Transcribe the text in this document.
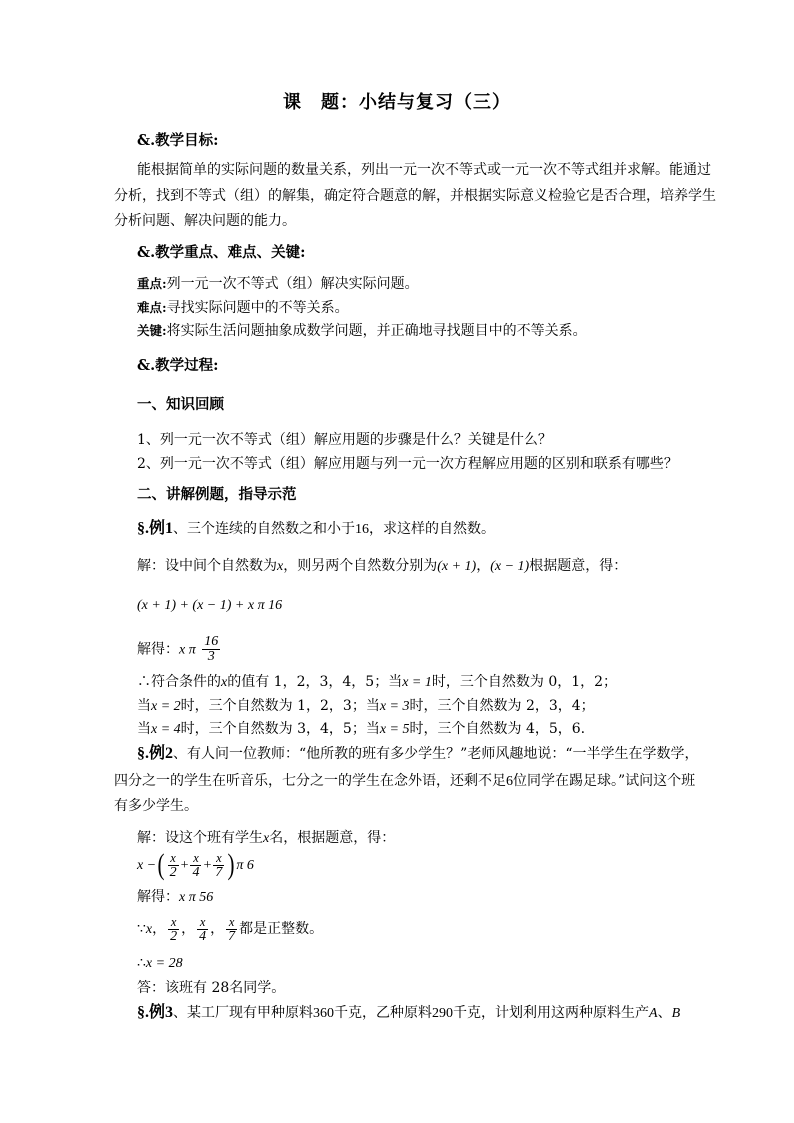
课　题：小结与复习（三）
&.教学目标:
能根据简单的实际问题的数量关系，列出一元一次不等式或一元一次不等式组并求解。能通过
分析，找到不等式（组）的解集，确定符合题意的解，并根据实际意义检验它是否合理，培养学生
分析问题、解决问题的能力。
&.教学重点、难点、关键:
重点:列一元一次不等式（组）解决实际问题。
难点:寻找实际问题中的不等关系。
关键:将实际生活问题抽象成数学问题，并正确地寻找题目中的不等关系。
&.教学过程:
一、知识回顾
1、列一元一次不等式（组）解应用题的步骤是什么？关键是什么？
2、列一元一次不等式（组）解应用题与列一元一次方程解应用题的区别和联系有哪些？
二、讲解例题，指导示范
§.例1、三个连续的自然数之和小于16，求这样的自然数。
解：设中间个自然数为x，则另两个自然数分别为(x + 1)，(x − 1)根据题意，得：
(x + 1) + (x − 1) + x π 16
解得：x π $\frac{16}{3}$
∴符合条件的x的值有 1，2，3，4，5；当x = 1时，三个自然数为 0，1，2；
当x = 2时，三个自然数为 1，2，3；当x = 3时，三个自然数为 2，3，4；
当x = 4时，三个自然数为 3，4，5；当x = 5时，三个自然数为 4，5，6.
§.例2、有人问一位教师：“他所教的班有多少学生？”老师风趣地说：“一半学生在学数学，
四分之一的学生在听音乐，七分之一的学生在念外语，还剩不足6位同学在踢足球。”试问这个班
有多少学生。
解：设这个班有学生x名，根据题意，得：
x −( $\frac{x}{2} + \frac{x}{4} + \frac{x}{7}$ ) π 6
解得：x π 56
∵x， $\frac{x}{2}$ ， $\frac{x}{4}$ ， $\frac{x}{7}$ 都是正整数。
∴x = 28
答：该班有 28名同学。
§.例3、某工厂现有甲种原料360千克，乙种原料290千克，计划利用这两种原料生产A、B
